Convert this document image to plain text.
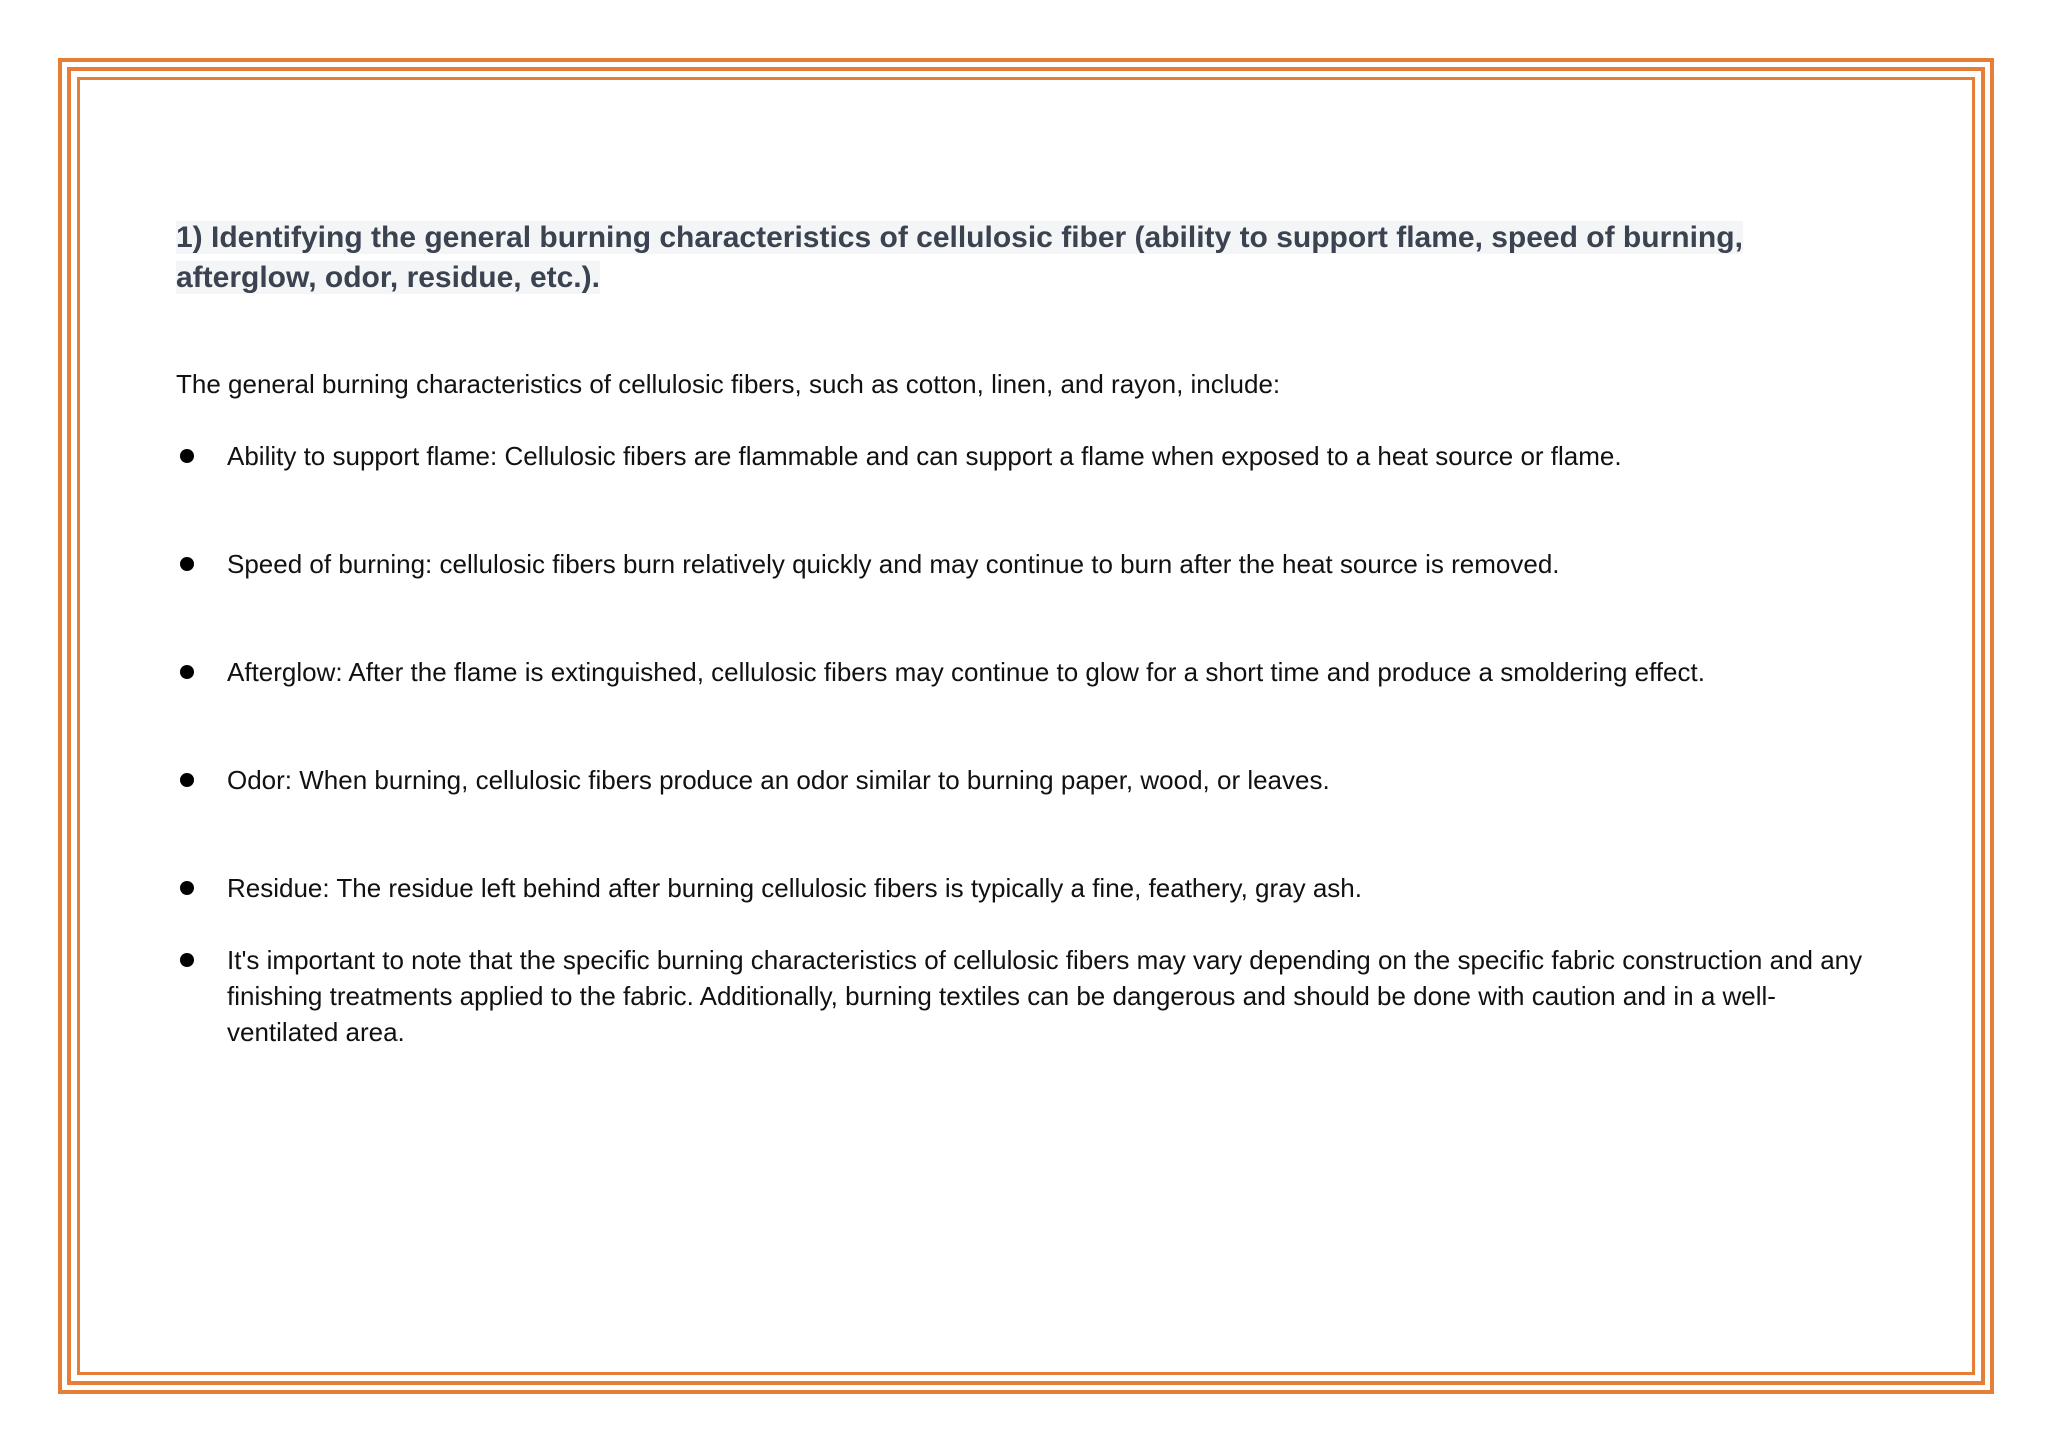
1) Identifying the general burning characteristics of cellulosic fiber (ability to support flame, speed of burning, afterglow, odor, residue, etc.).

The general burning characteristics of cellulosic fibers, such as cotton, linen, and rayon, include:

Ability to support flame: Cellulosic fibers are flammable and can support a flame when exposed to a heat source or flame.
Speed of burning: cellulosic fibers burn relatively quickly and may continue to burn after the heat source is removed.
Afterglow: After the flame is extinguished, cellulosic fibers may continue to glow for a short time and produce a smoldering effect.
Odor: When burning, cellulosic fibers produce an odor similar to burning paper, wood, or leaves.
Residue: The residue left behind after burning cellulosic fibers is typically a fine, feathery, gray ash.
It's important to note that the specific burning characteristics of cellulosic fibers may vary depending on the specific fabric construction and any finishing treatments applied to the fabric. Additionally, burning textiles can be dangerous and should be done with caution and in a well-ventilated area.
